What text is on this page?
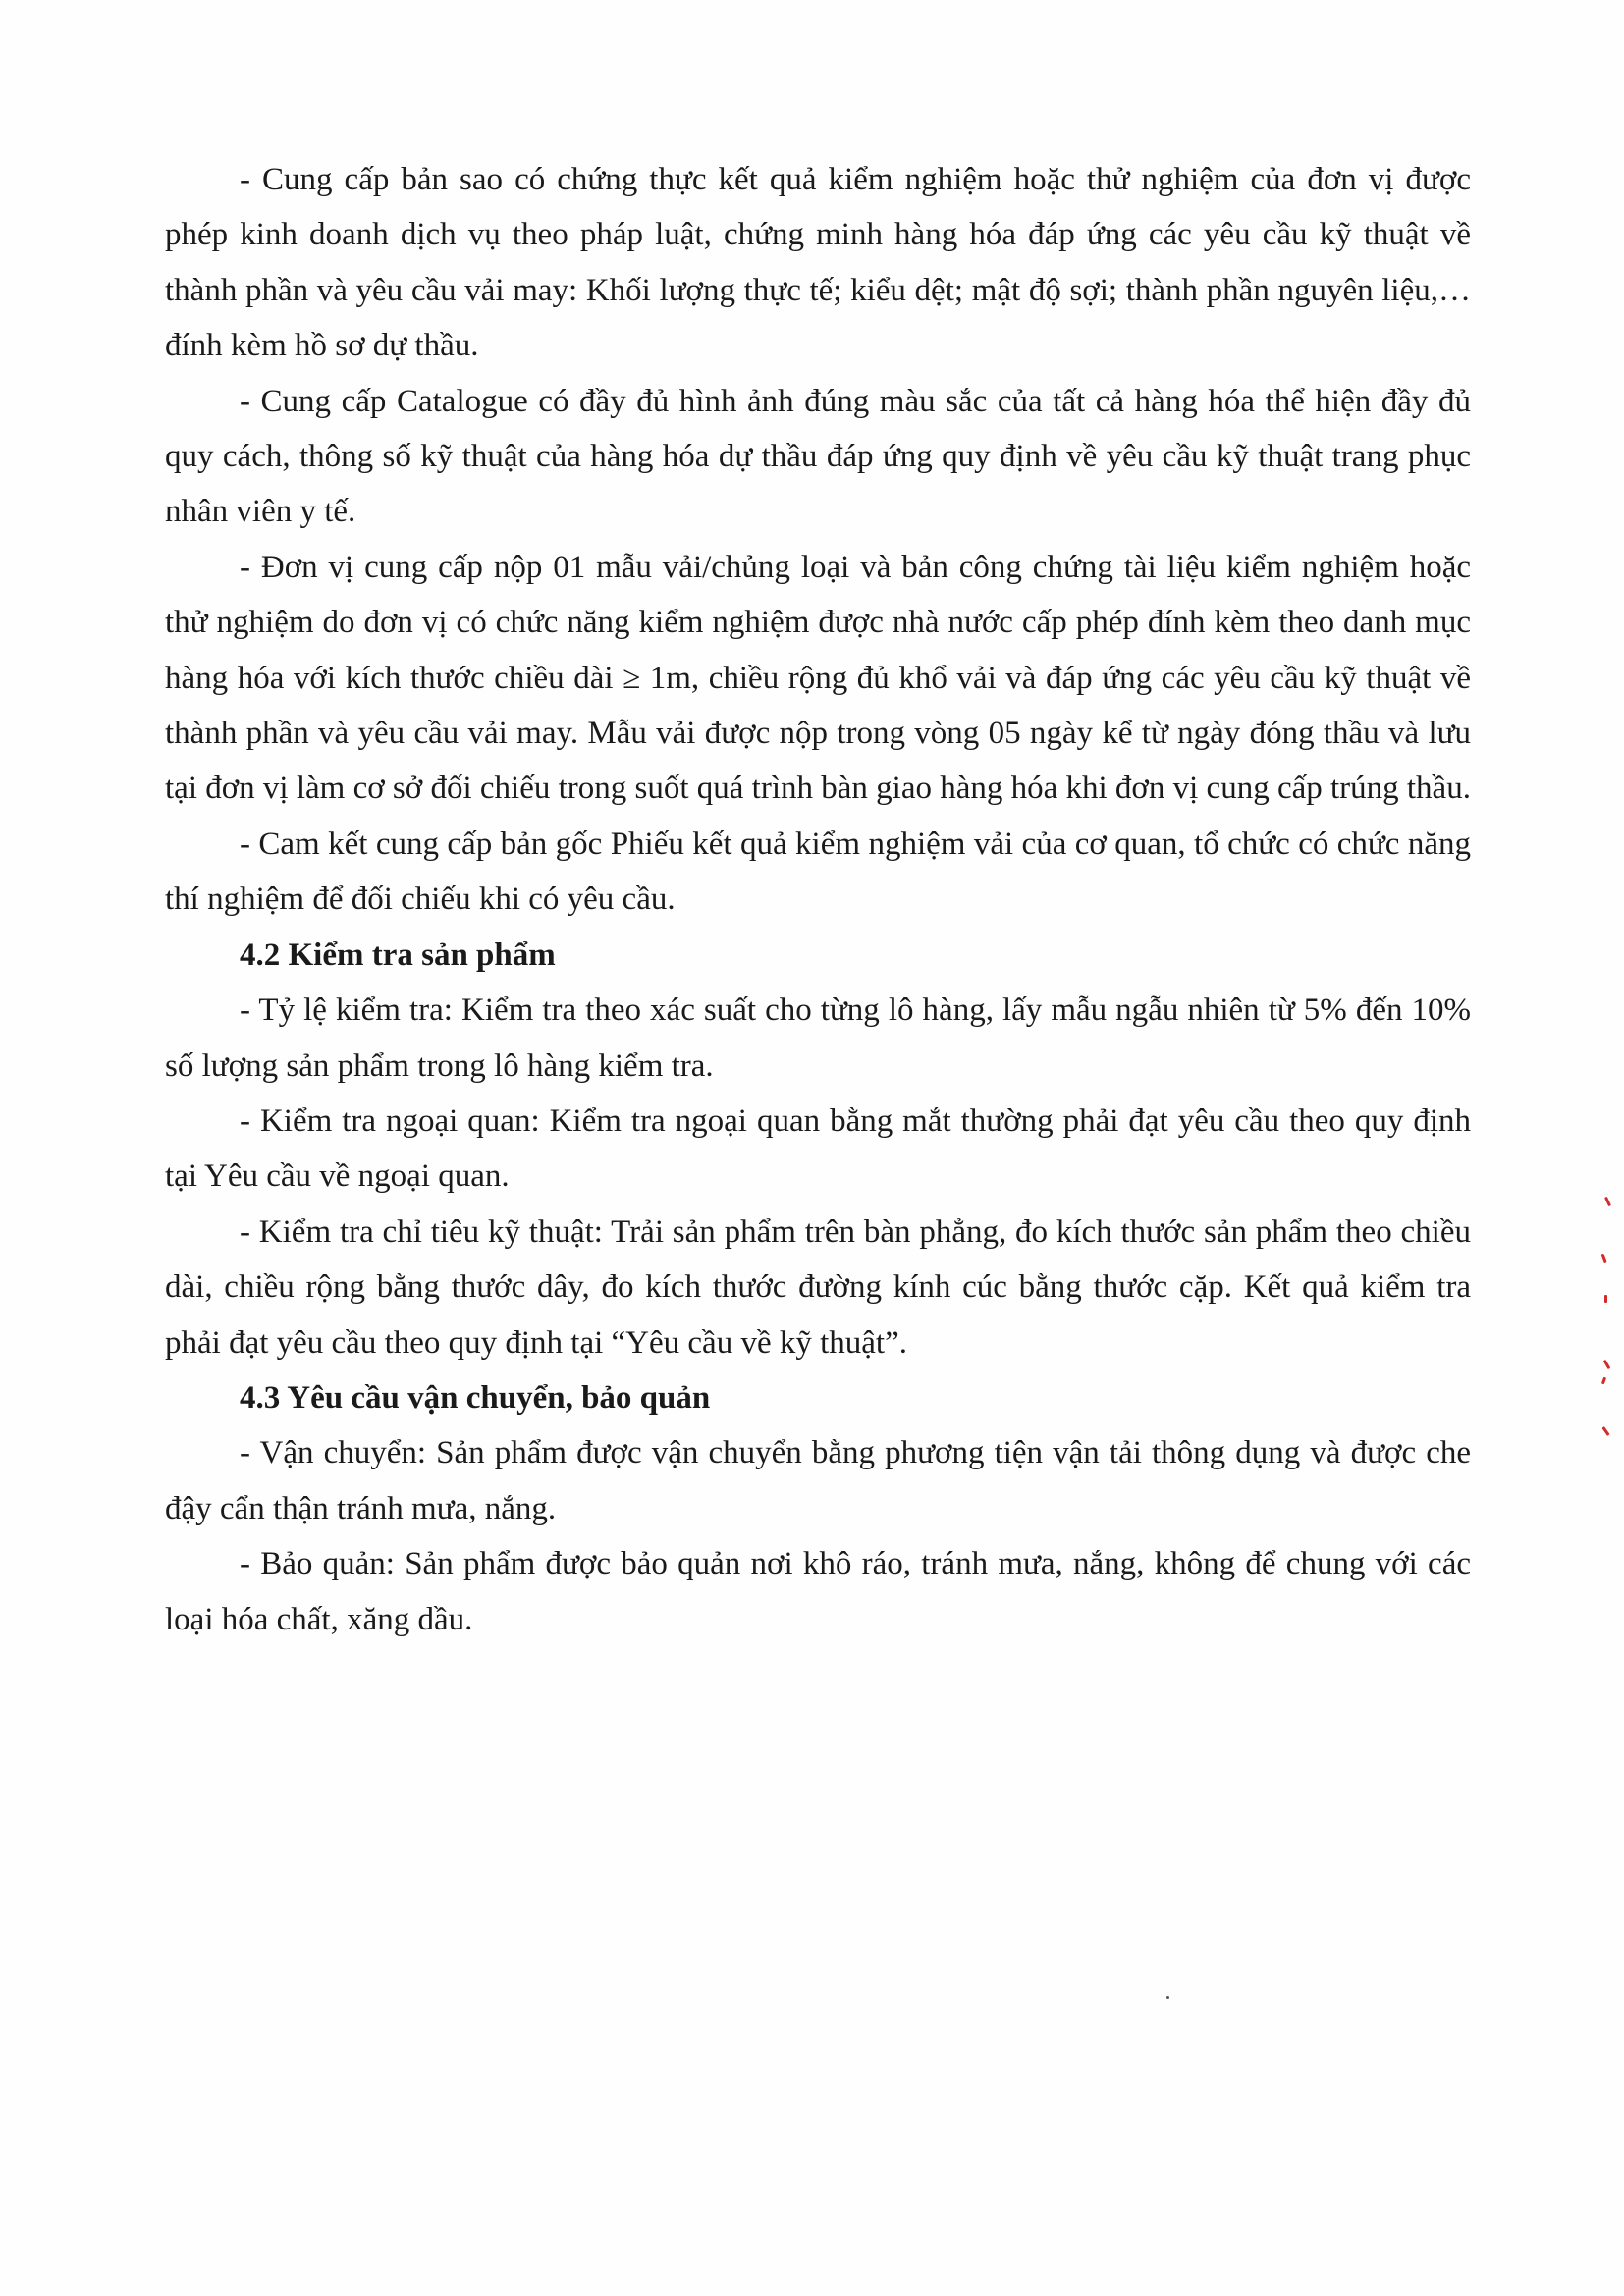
- Cung cấp bản sao có chứng thực kết quả kiểm nghiệm hoặc thử nghiệm của đơn vị được phép kinh doanh dịch vụ theo pháp luật, chứng minh hàng hóa đáp ứng các yêu cầu kỹ thuật về thành phần và yêu cầu vải may: Khối lượng thực tế; kiểu dệt; mật độ sợi; thành phần nguyên liệu,…đính kèm hồ sơ dự thầu.

- Cung cấp Catalogue có đầy đủ hình ảnh đúng màu sắc của tất cả hàng hóa thể hiện đầy đủ quy cách, thông số kỹ thuật của hàng hóa dự thầu đáp ứng quy định về yêu cầu kỹ thuật trang phục nhân viên y tế.

- Đơn vị cung cấp nộp 01 mẫu vải/chủng loại và bản công chứng tài liệu kiểm nghiệm hoặc thử nghiệm do đơn vị có chức năng kiểm nghiệm được nhà nước cấp phép đính kèm theo danh mục hàng hóa với kích thước chiều dài ≥ 1m, chiều rộng đủ khổ vải và đáp ứng các yêu cầu kỹ thuật về thành phần và yêu cầu vải may. Mẫu vải được nộp trong vòng 05 ngày kể từ ngày đóng thầu và lưu tại đơn vị làm cơ sở đối chiếu trong suốt quá trình bàn giao hàng hóa khi đơn vị cung cấp trúng thầu.

- Cam kết cung cấp bản gốc Phiếu kết quả kiểm nghiệm vải của cơ quan, tổ chức có chức năng thí nghiệm để đối chiếu khi có yêu cầu.

4.2 Kiểm tra sản phẩm

- Tỷ lệ kiểm tra: Kiểm tra theo xác suất cho từng lô hàng, lấy mẫu ngẫu nhiên từ 5% đến 10% số lượng sản phẩm trong lô hàng kiểm tra.

- Kiểm tra ngoại quan: Kiểm tra ngoại quan bằng mắt thường phải đạt yêu cầu theo quy định tại Yêu cầu về ngoại quan.

- Kiểm tra chỉ tiêu kỹ thuật: Trải sản phẩm trên bàn phẳng, đo kích thước sản phẩm theo chiều dài, chiều rộng bằng thước dây, đo kích thước đường kính cúc bằng thước cặp. Kết quả kiểm tra phải đạt yêu cầu theo quy định tại “Yêu cầu về kỹ thuật”.

4.3 Yêu cầu vận chuyển, bảo quản

- Vận chuyển: Sản phẩm được vận chuyển bằng phương tiện vận tải thông dụng và được che đậy cẩn thận tránh mưa, nắng.

- Bảo quản: Sản phẩm được bảo quản nơi khô ráo, tránh mưa, nắng, không để chung với các loại hóa chất, xăng dầu.
